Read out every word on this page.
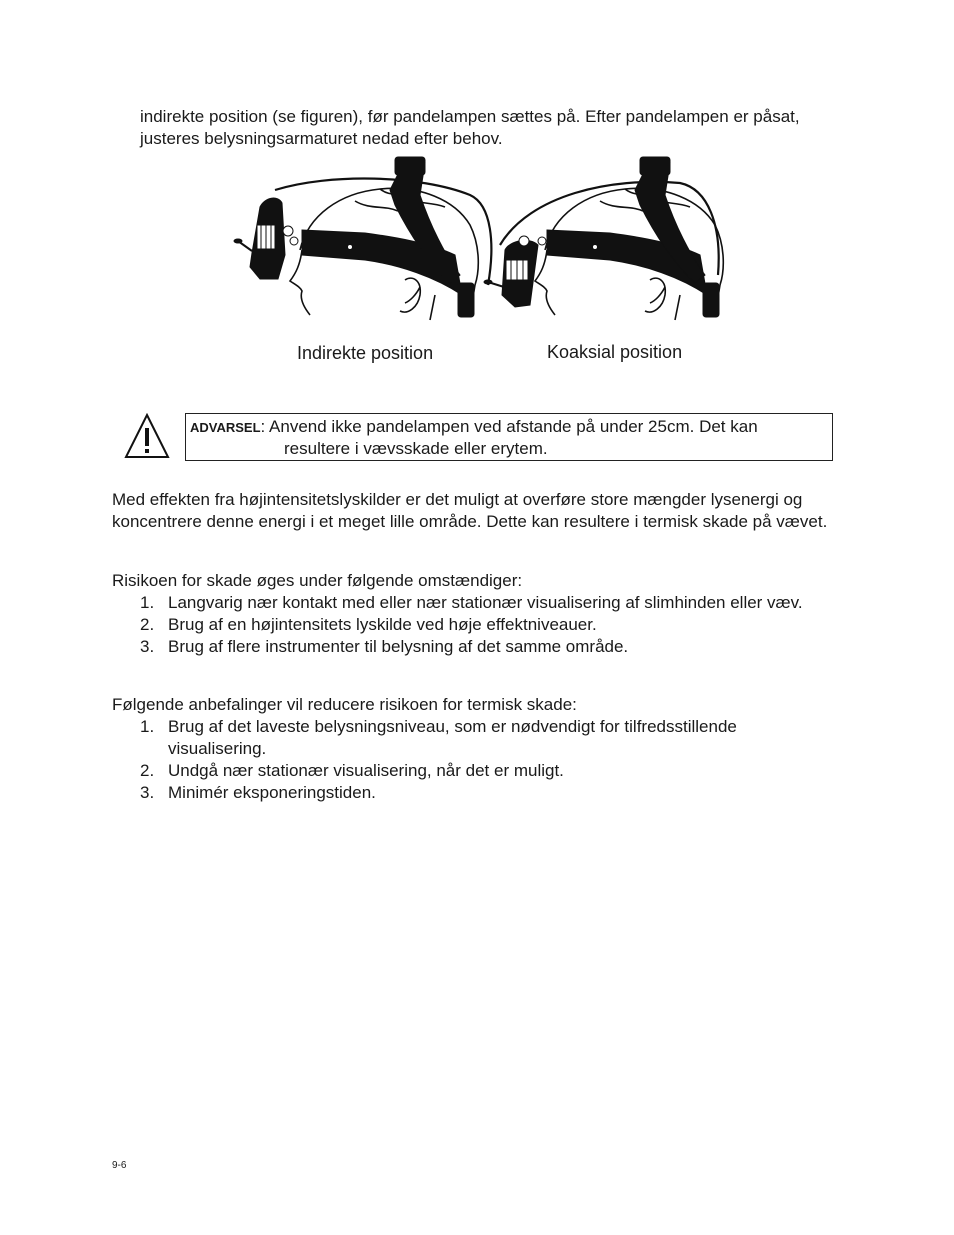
indirekte position (se figuren), før pandelampen sættes på. Efter pandelampen er påsat, justeres belysningsarmaturet nedad efter behov.
Indirekte position	Koaksial position
ADVARSEL: Anvend ikke pandelampen ved afstande på under 25cm. Det kan
resultere i vævsskade eller erytem.
Med effekten fra højintensitetslyskilder er det muligt at overføre store mængder lysenergi og koncentrere denne energi i et meget lille område. Dette kan resultere i termisk skade på vævet.
Risikoen for skade øges under følgende omstændiger:
1. Langvarig nær kontakt med eller nær stationær visualisering af slimhinden eller væv.
2. Brug af en højintensitets lyskilde ved høje effektniveauer.
3. Brug af flere instrumenter til belysning af det samme område.
Følgende anbefalinger vil reducere risikoen for termisk skade:
1. Brug af det laveste belysningsniveau, som er nødvendigt for tilfredsstillende visualisering.
2. Undgå nær stationær visualisering, når det er muligt.
3. Minimér eksponeringstiden.
9-6
